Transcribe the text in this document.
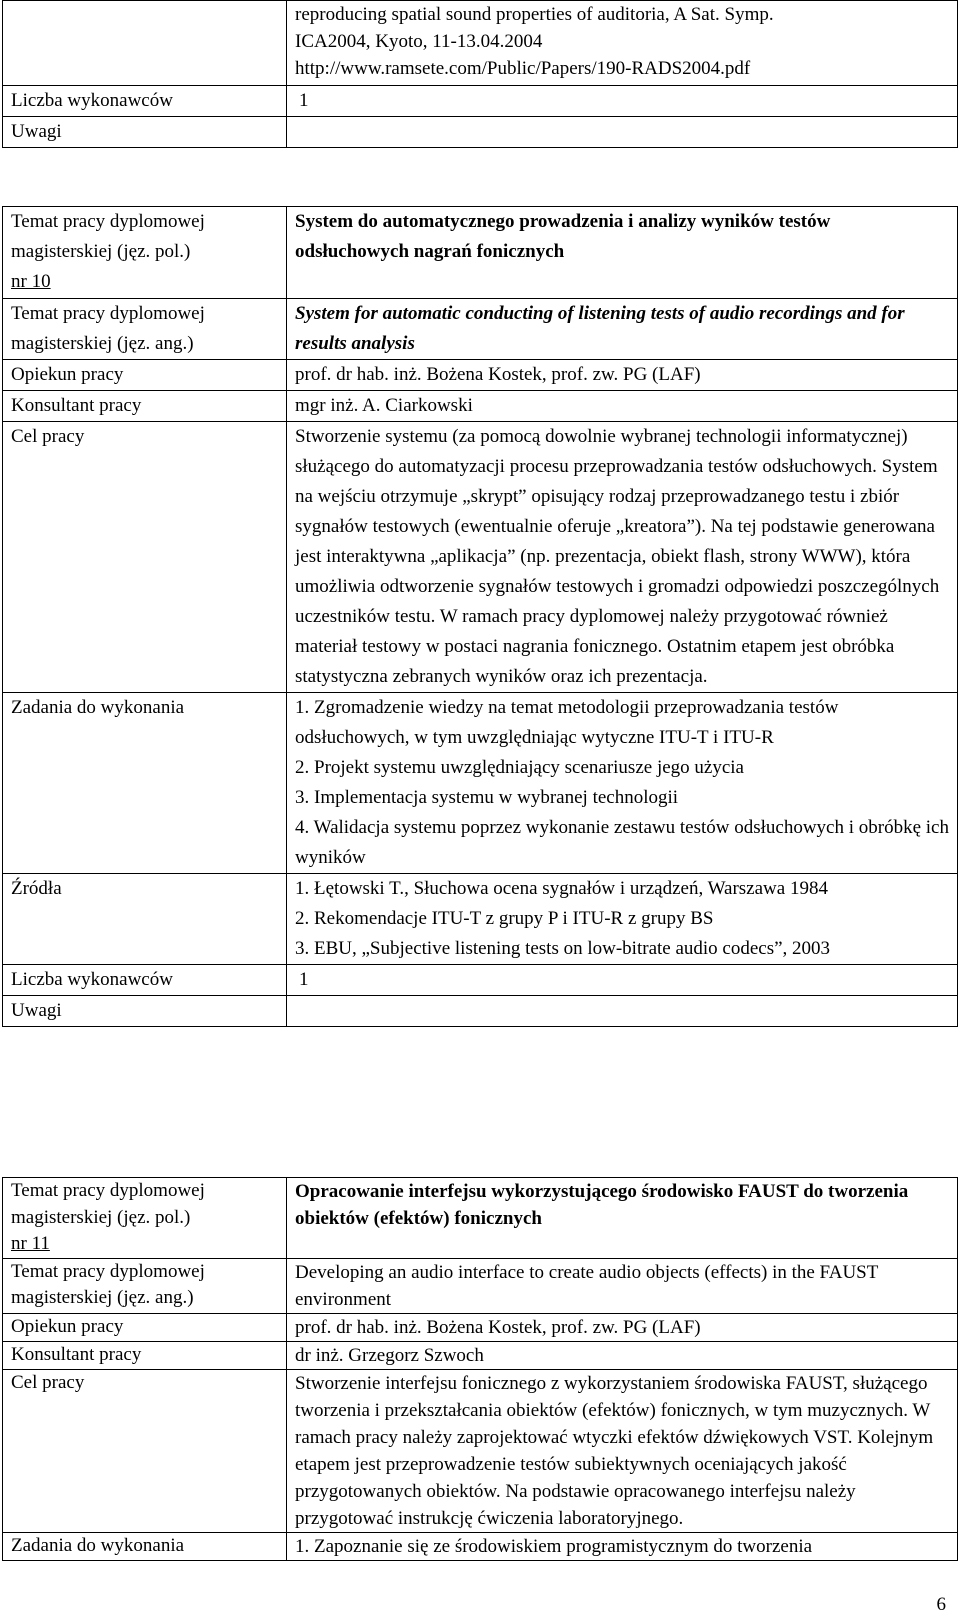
	reproducing spatial sound properties of auditoria, A Sat. Symp.
ICA2004, Kyoto, 11-13.04.2004
http://www.ramsete.com/Public/Papers/190-RADS2004.pdf

Liczba wykonawców 1	

Uwagi	
Temat pracy dyplomowej magisterskiej (jęz. pol.)
nr 10	System do automatycznego prowadzenia i analizy wyników testów odsłuchowych nagrań fonicznych
Temat pracy dyplomowej magisterskiej (jęz. ang.)	System for automatic conducting of listening tests of audio recordings and for results analysis
Opiekun pracy	prof. dr hab. inż. Bożena Kostek, prof. zw. PG (LAF)
Konsultant pracy	mgr inż. A. Ciarkowski
Cel pracy	Stworzenie systemu (za pomocą dowolnie wybranej technologii informatycznej) służącego do automatyzacji procesu przeprowadzania testów odsłuchowych. System na wejściu otrzymuje „skrypt” opisujący rodzaj przeprowadzanego testu i zbiór sygnałów testowych (ewentualnie oferuje „kreatora”). Na tej podstawie generowana jest interaktywna „aplikacja” (np. prezentacja, obiekt flash, strony WWW), która umożliwia odtworzenie sygnałów testowych i gromadzi odpowiedzi poszczególnych uczestników testu. W ramach pracy dyplomowej należy przygotować również materiał testowy w postaci nagrania fonicznego. Ostatnim etapem jest obróbka statystyczna zebranych wyników oraz ich prezentacja.
Zadania do wykonania	1. Zgromadzenie wiedzy na temat metodologii przeprowadzania testów odsłuchowych, w tym uwzględniając wytyczne ITU-T i ITU-R
2. Projekt systemu uwzględniający scenariusze jego użycia
3. Implementacja systemu w wybranej technologii
4. Walidacja systemu poprzez wykonanie zestawu testów odsłuchowych i obróbkę ich wyników

Źródła	1. Łętowski T., Słuchowa ocena sygnałów i urządzeń, Warszawa 1984
2. Rekomendacje ITU-T z grupy P i ITU-R z grupy BS
3. EBU, „Subjective listening tests on low-bitrate audio codecs”, 2003

Liczba wykonawców 1	

Uwagi	
Temat pracy dyplomowej magisterskiej (jęz. pol.)
nr 11	Opracowanie interfejsu wykorzystującego środowisko FAUST do tworzenia obiektów (efektów) fonicznych
Temat pracy dyplomowej magisterskiej (jęz. ang.)	Developing an audio interface to create audio objects (effects) in the FAUST environment
Opiekun pracy	prof. dr hab. inż. Bożena Kostek, prof. zw. PG (LAF)
Konsultant pracy	dr inż. Grzegorz Szwoch
Cel pracy	Stworzenie interfejsu fonicznego z wykorzystaniem środowiska FAUST, służącego tworzenia i przekształcania obiektów (efektów) fonicznych, w tym muzycznych. W ramach pracy należy zaprojektować wtyczki efektów dźwiękowych VST. Kolejnym etapem jest przeprowadzenie testów subiektywnych oceniających jakość przygotowanych obiektów. Na podstawie opracowanego interfejsu należy przygotować instrukcję ćwiczenia laboratoryjnego.
Zadania do wykonania	1. Zapoznanie się ze środowiskiem programistycznym do tworzenia
6
